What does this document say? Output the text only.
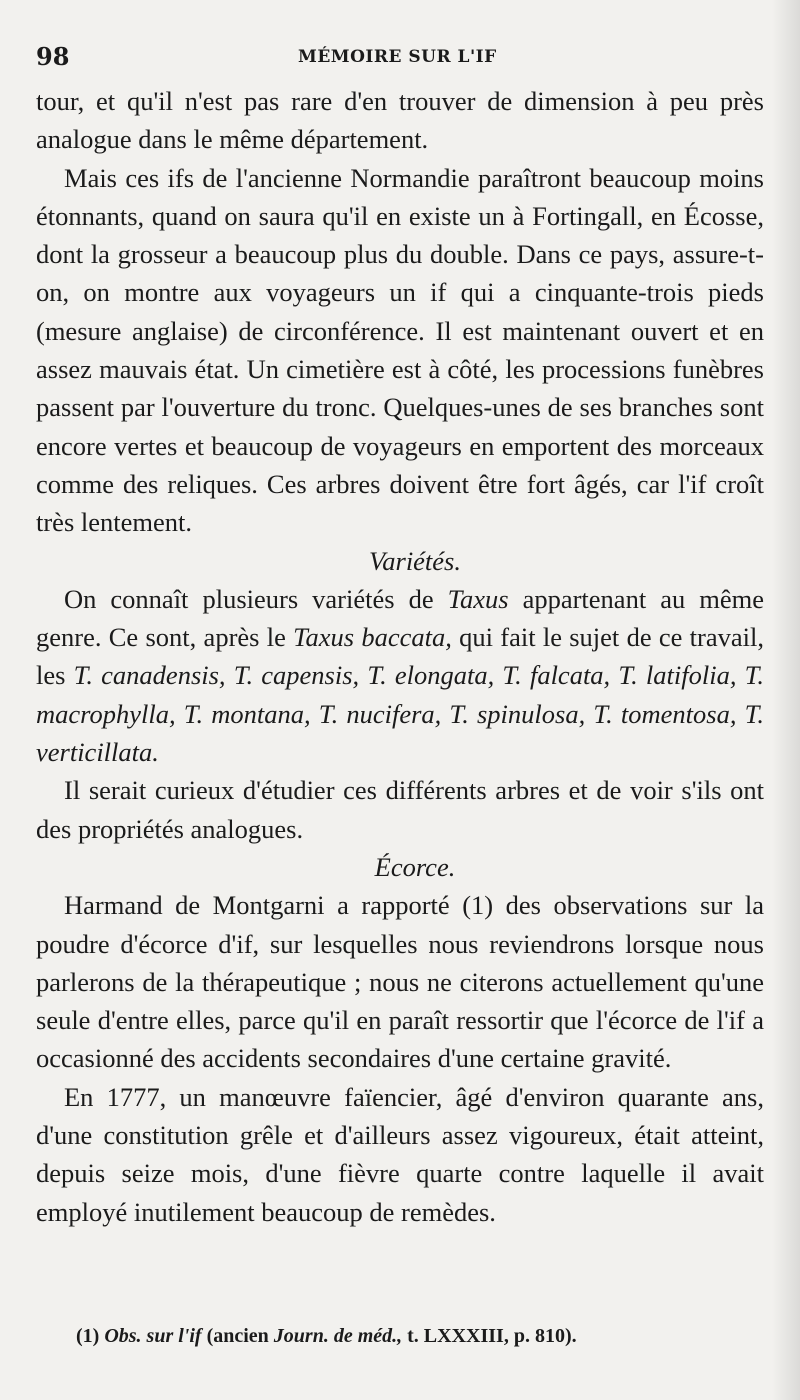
98	MÉMOIRE SUR L'IF

tour, et qu'il n'est pas rare d'en trouver de dimension à peu près analogue dans le même département.

Mais ces ifs de l'ancienne Normandie paraîtront beaucoup moins étonnants, quand on saura qu'il en existe un à Fortingall, en Écosse, dont la grosseur a beaucoup plus du double. Dans ce pays, assure-t-on, on montre aux voyageurs un if qui a cinquante-trois pieds (mesure anglaise) de circonférence. Il est maintenant ouvert et en assez mauvais état. Un cimetière est à côté, les processions funèbres passent par l'ouverture du tronc. Quelques-unes de ses branches sont encore vertes et beaucoup de voyageurs en emportent des morceaux comme des reliques. Ces arbres doivent être fort âgés, car l'if croît très lentement.

Variétés.

On connaît plusieurs variétés de Taxus appartenant au même genre. Ce sont, après le Taxus baccata, qui fait le sujet de ce travail, les T. canadensis, T. capensis, T. elongata, T. falcata, T. latifolia, T. macrophylla, T. montana, T. nucifera, T. spinulosa, T. tomentosa, T. verticillata.

Il serait curieux d'étudier ces différents arbres et de voir s'ils ont des propriétés analogues.

Écorce.

Harmand de Montgarni a rapporté (1) des observations sur la poudre d'écorce d'if, sur lesquelles nous reviendrons lorsque nous parlerons de la thérapeutique ; nous ne citerons actuellement qu'une seule d'entre elles, parce qu'il en paraît ressortir que l'écorce de l'if a occasionné des accidents secondaires d'une certaine gravité.

En 1777, un manœuvre faïencier, âgé d'environ quarante ans, d'une constitution grêle et d'ailleurs assez vigoureux, était atteint, depuis seize mois, d'une fièvre quarte contre laquelle il avait employé inutilement beaucoup de remèdes.

(1) Obs. sur l'if (ancien Journ. de méd., t. LXXXIII, p. 810).
